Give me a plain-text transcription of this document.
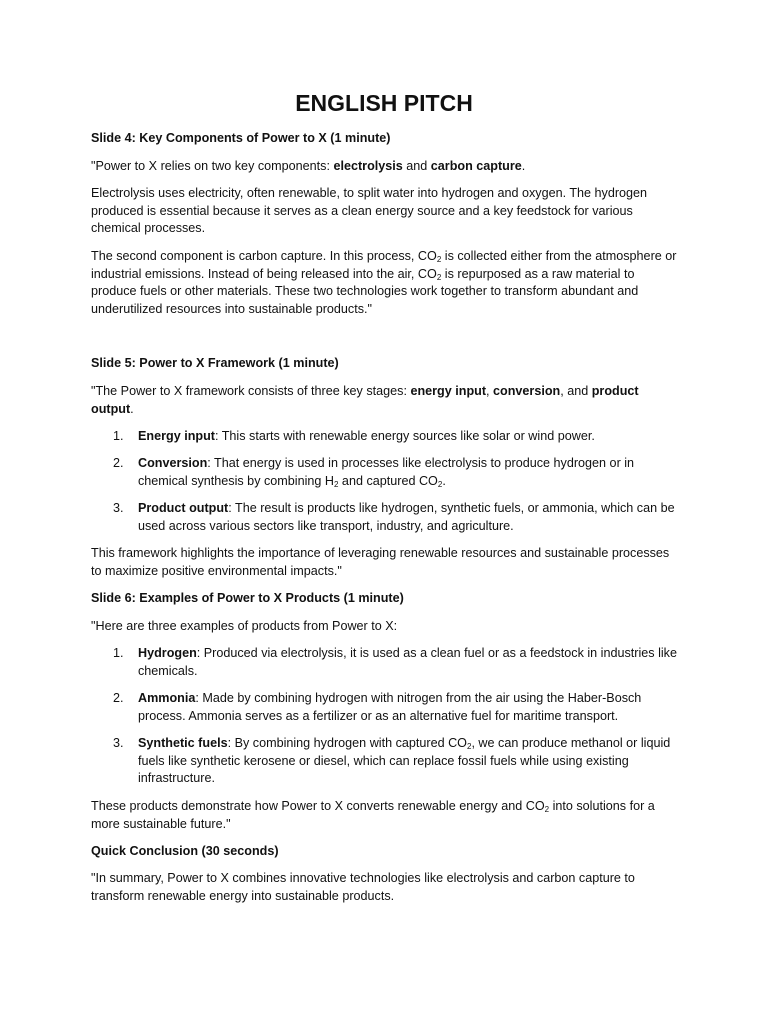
ENGLISH PITCH

Slide 4: Key Components of Power to X (1 minute)

"Power to X relies on two key components: electrolysis and carbon capture.

Electrolysis uses electricity, often renewable, to split water into hydrogen and oxygen. The hydrogen produced is essential because it serves as a clean energy source and a key feedstock for various chemical processes.

The second component is carbon capture. In this process, $CO_2$ is collected either from the atmosphere or industrial emissions. Instead of being released into the air, $CO_2$ is repurposed as a raw material to produce fuels or other materials. These two technologies work together to transform abundant and underutilized resources into sustainable products."

Slide 5: Power to X Framework (1 minute)

"The Power to X framework consists of three key stages: energy input, conversion, and product output.

1. Energy input: This starts with renewable energy sources like solar or wind power.
2. Conversion: That energy is used in processes like electrolysis to produce hydrogen or in chemical synthesis by combining $H_2$ and captured $CO_2$.
3. Product output: The result is products like hydrogen, synthetic fuels, or ammonia, which can be used across various sectors like transport, industry, and agriculture.

This framework highlights the importance of leveraging renewable resources and sustainable processes to maximize positive environmental impacts."

Slide 6: Examples of Power to X Products (1 minute)

"Here are three examples of products from Power to X:

1. Hydrogen: Produced via electrolysis, it is used as a clean fuel or as a feedstock in industries like chemicals.
2. Ammonia: Made by combining hydrogen with nitrogen from the air using the Haber-Bosch process. Ammonia serves as a fertilizer or as an alternative fuel for maritime transport.
3. Synthetic fuels: By combining hydrogen with captured $CO_2$, we can produce methanol or liquid fuels like synthetic kerosene or diesel, which can replace fossil fuels while using existing infrastructure.

These products demonstrate how Power to X converts renewable energy and $CO_2$ into solutions for a more sustainable future."

Quick Conclusion (30 seconds)

"In summary, Power to X combines innovative technologies like electrolysis and carbon capture to transform renewable energy into sustainable products.
